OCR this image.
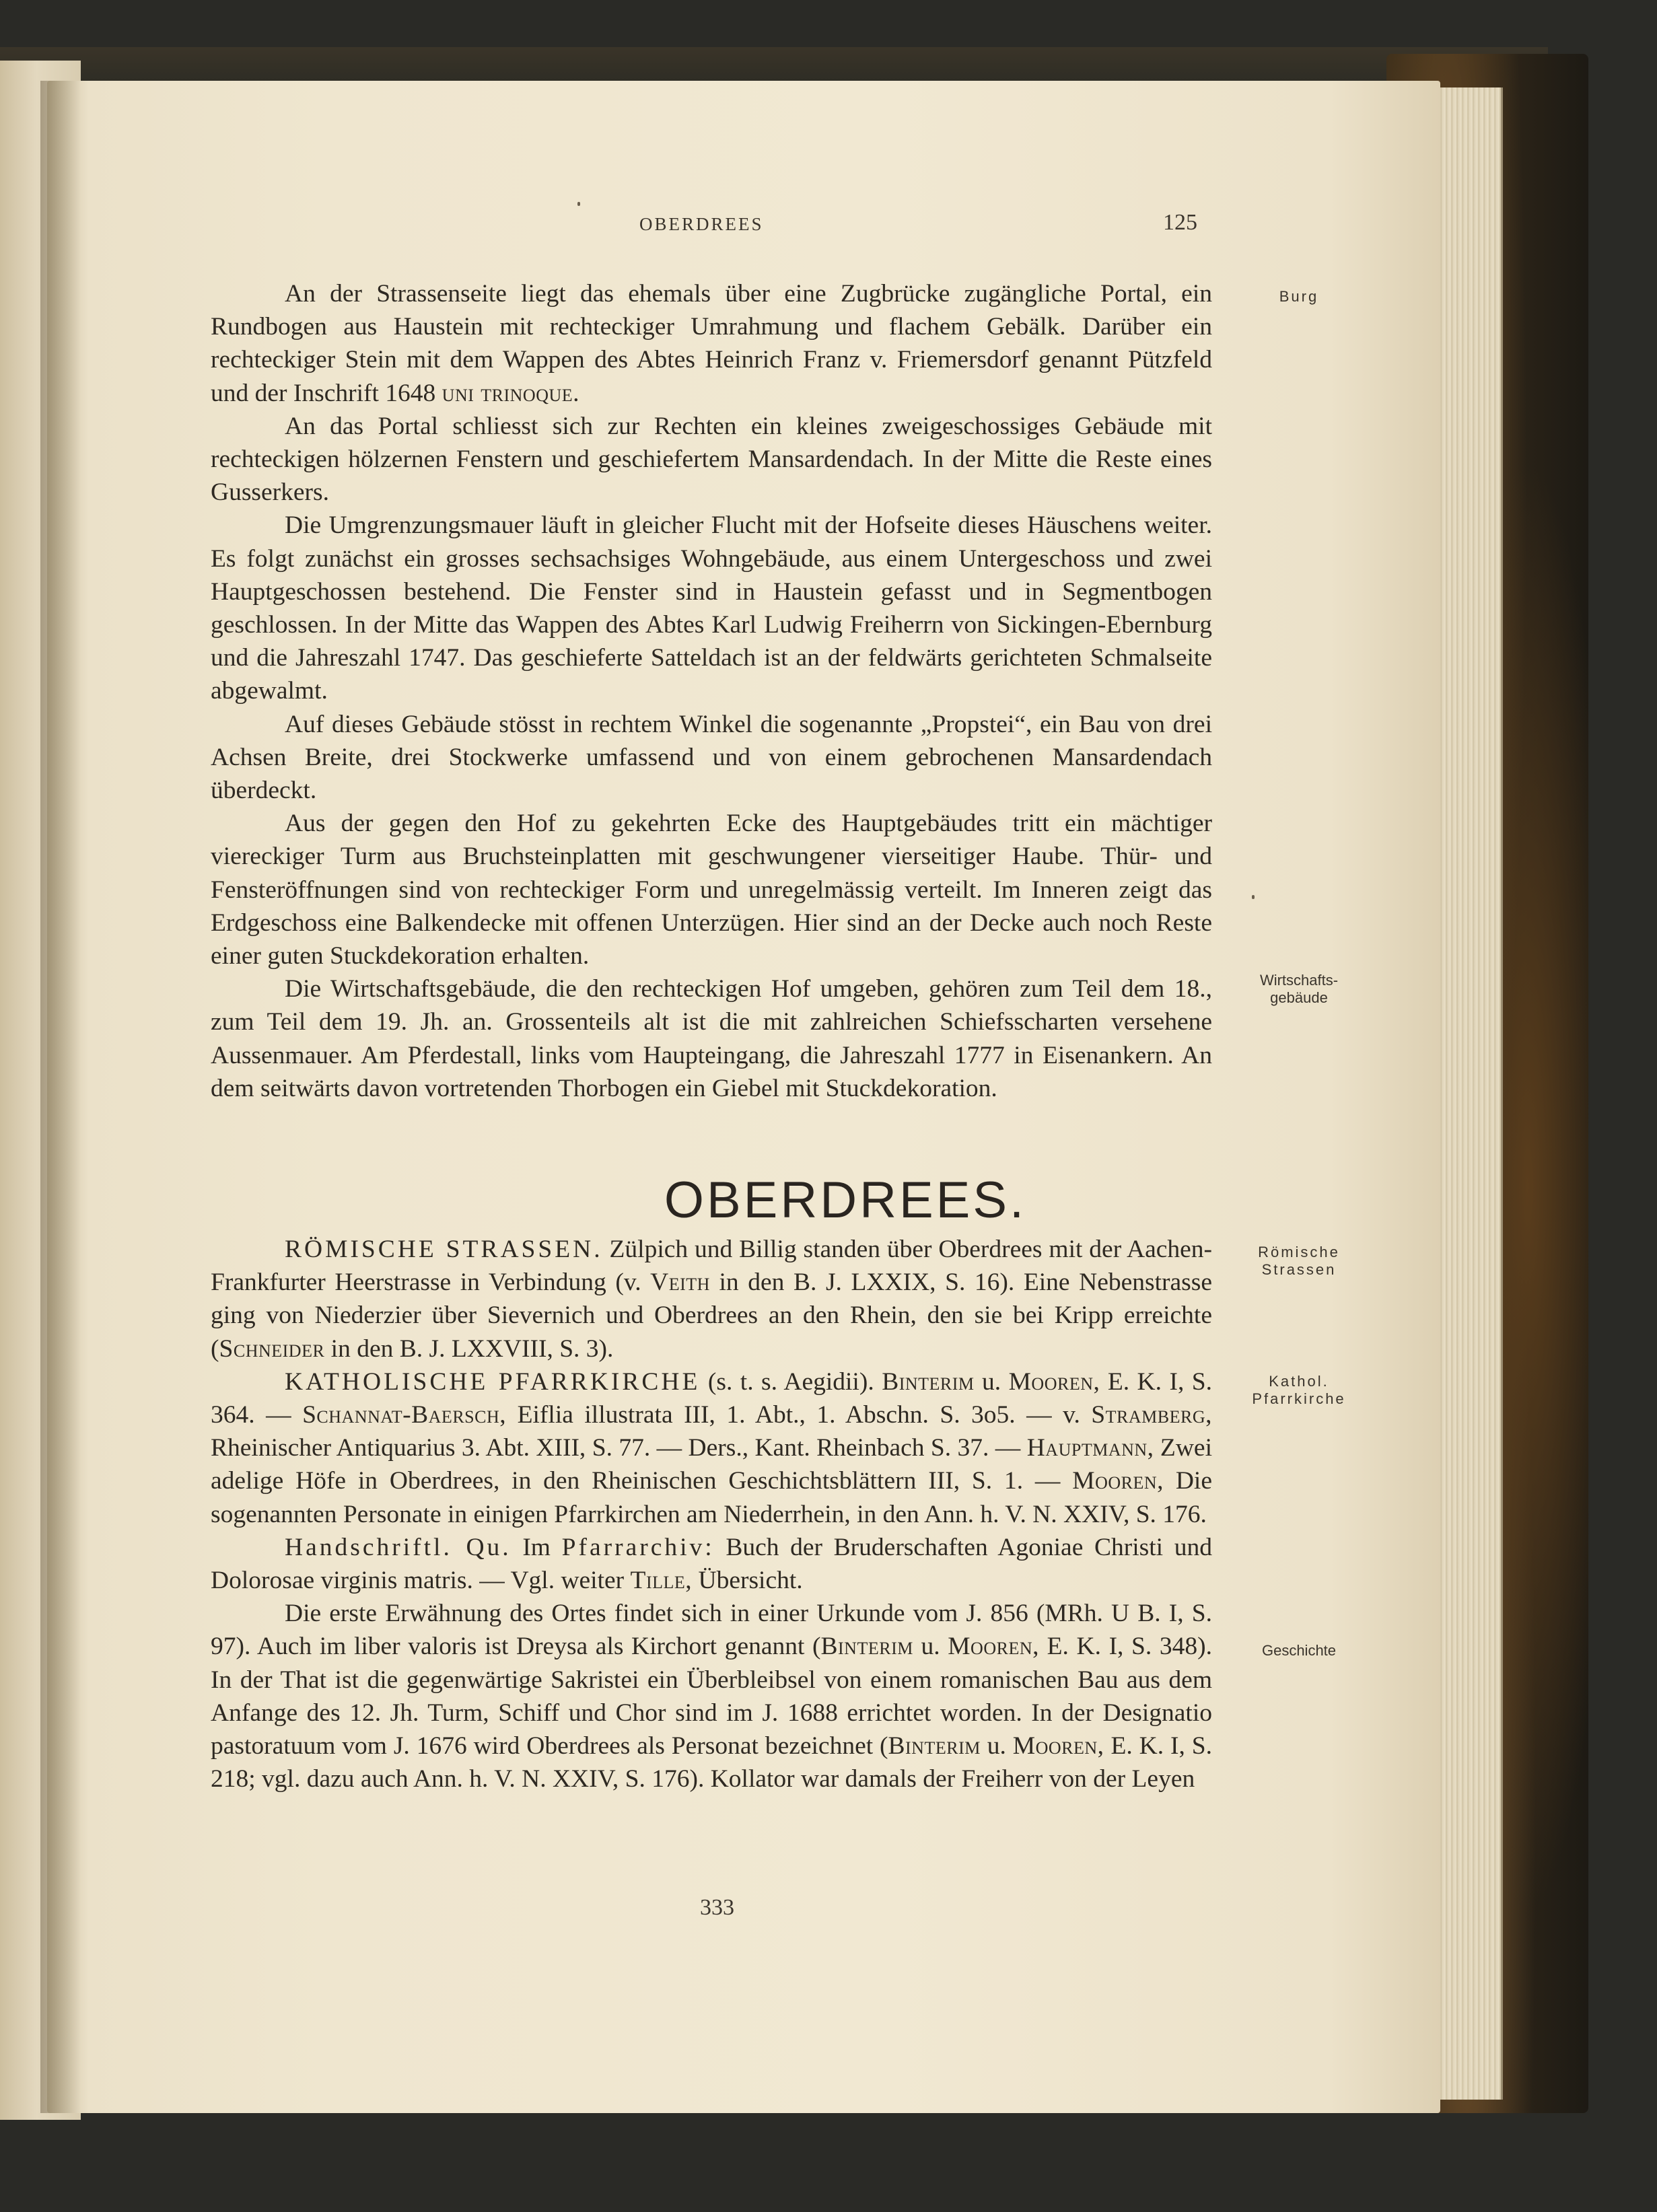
OBERDREES	125

An der Strassenseite liegt das ehemals über eine Zugbrücke zugängliche Portal, ein Rundbogen aus Haustein mit rechteckiger Umrahmung und flachem Gebälk. Darüber ein rechteckiger Stein mit dem Wappen des Abtes Heinrich Franz v. Friemersdorf genannt Pützfeld und der Inschrift 1648 uni trinoque.

An das Portal schliesst sich zur Rechten ein kleines zweigeschossiges Gebäude mit rechteckigen hölzernen Fenstern und geschiefertem Mansardendach. In der Mitte die Reste eines Gusserkers.

Die Umgrenzungsmauer läuft in gleicher Flucht mit der Hofseite dieses Häuschens weiter. Es folgt zunächst ein grosses sechsachsiges Wohngebäude, aus einem Untergeschoss und zwei Hauptgeschossen bestehend. Die Fenster sind in Haustein gefasst und in Segmentbogen geschlossen. In der Mitte das Wappen des Abtes Karl Ludwig Freiherrn von Sickingen-Ebernburg und die Jahreszahl 1747. Das geschieferte Satteldach ist an der feldwärts gerichteten Schmalseite abgewalmt.

Auf dieses Gebäude stösst in rechtem Winkel die sogenannte „Propstei“, ein Bau von drei Achsen Breite, drei Stockwerke umfassend und von einem gebrochenen Mansardendach überdeckt.

Aus der gegen den Hof zu gekehrten Ecke des Hauptgebäudes tritt ein mächtiger viereckiger Turm aus Bruchsteinplatten mit geschwungener vierseitiger Haube. Thür- und Fensteröffnungen sind von rechteckiger Form und unregelmässig verteilt. Im Inneren zeigt das Erdgeschoss eine Balkendecke mit offenen Unterzügen. Hier sind an der Decke auch noch Reste einer guten Stuckdekoration erhalten.

Die Wirtschaftsgebäude, die den rechteckigen Hof umgeben, gehören zum Teil dem 18., zum Teil dem 19. Jh. an. Grossenteils alt ist die mit zahlreichen Schiefsscharten versehene Aussenmauer. Am Pferdestall, links vom Haupteingang, die Jahreszahl 1777 in Eisenankern. An dem seitwärts davon vortretenden Thorbogen ein Giebel mit Stuckdekoration.

OBERDREES.

RÖMISCHE STRASSEN. Zülpich und Billig standen über Oberdrees mit der Aachen-Frankfurter Heerstrasse in Verbindung (v. Veith in den B. J. LXXIX, S. 16). Eine Nebenstrasse ging von Niederzier über Sievernich und Oberdrees an den Rhein, den sie bei Kripp erreichte (Schneider in den B. J. LXXVIII, S. 3).

KATHOLISCHE PFARRKIRCHE (s. t. s. Aegidii). Binterim u. Mooren, E. K. I, S. 364. — Schannat-Baersch, Eiflia illustrata III, 1. Abt., 1. Abschn. S. 3o5. — v. Stramberg, Rheinischer Antiquarius 3. Abt. XIII, S. 77. — Ders., Kant. Rheinbach S. 37. — Hauptmann, Zwei adelige Höfe in Oberdrees, in den Rheinischen Geschichtsblättern III, S. 1. — Mooren, Die sogenannten Personate in einigen Pfarrkirchen am Niederrhein, in den Ann. h. V. N. XXIV, S. 176.

Handschriftl. Qu. Im Pfarrarchiv: Buch der Bruderschaften Agoniae Christi und Dolorosae virginis matris. — Vgl. weiter Tille, Übersicht.

Die erste Erwähnung des Ortes findet sich in einer Urkunde vom J. 856 (MRh. U B. I, S. 97). Auch im liber valoris ist Dreysa als Kirchort genannt (Binterim u. Mooren, E. K. I, S. 348). In der That ist die gegenwärtige Sakristei ein Überbleibsel von einem romanischen Bau aus dem Anfange des 12. Jh. Turm, Schiff und Chor sind im J. 1688 errichtet worden. In der Designatio pastoratuum vom J. 1676 wird Oberdrees als Personat bezeichnet (Binterim u. Mooren, E. K. I, S. 218; vgl. dazu auch Ann. h. V. N. XXIV, S. 176). Kollator war damals der Freiherr von der Leyen

Burg
Wirtschafts-
gebäude
Römische
Strassen
Kathol.
Pfarrkirche
Geschichte
333
